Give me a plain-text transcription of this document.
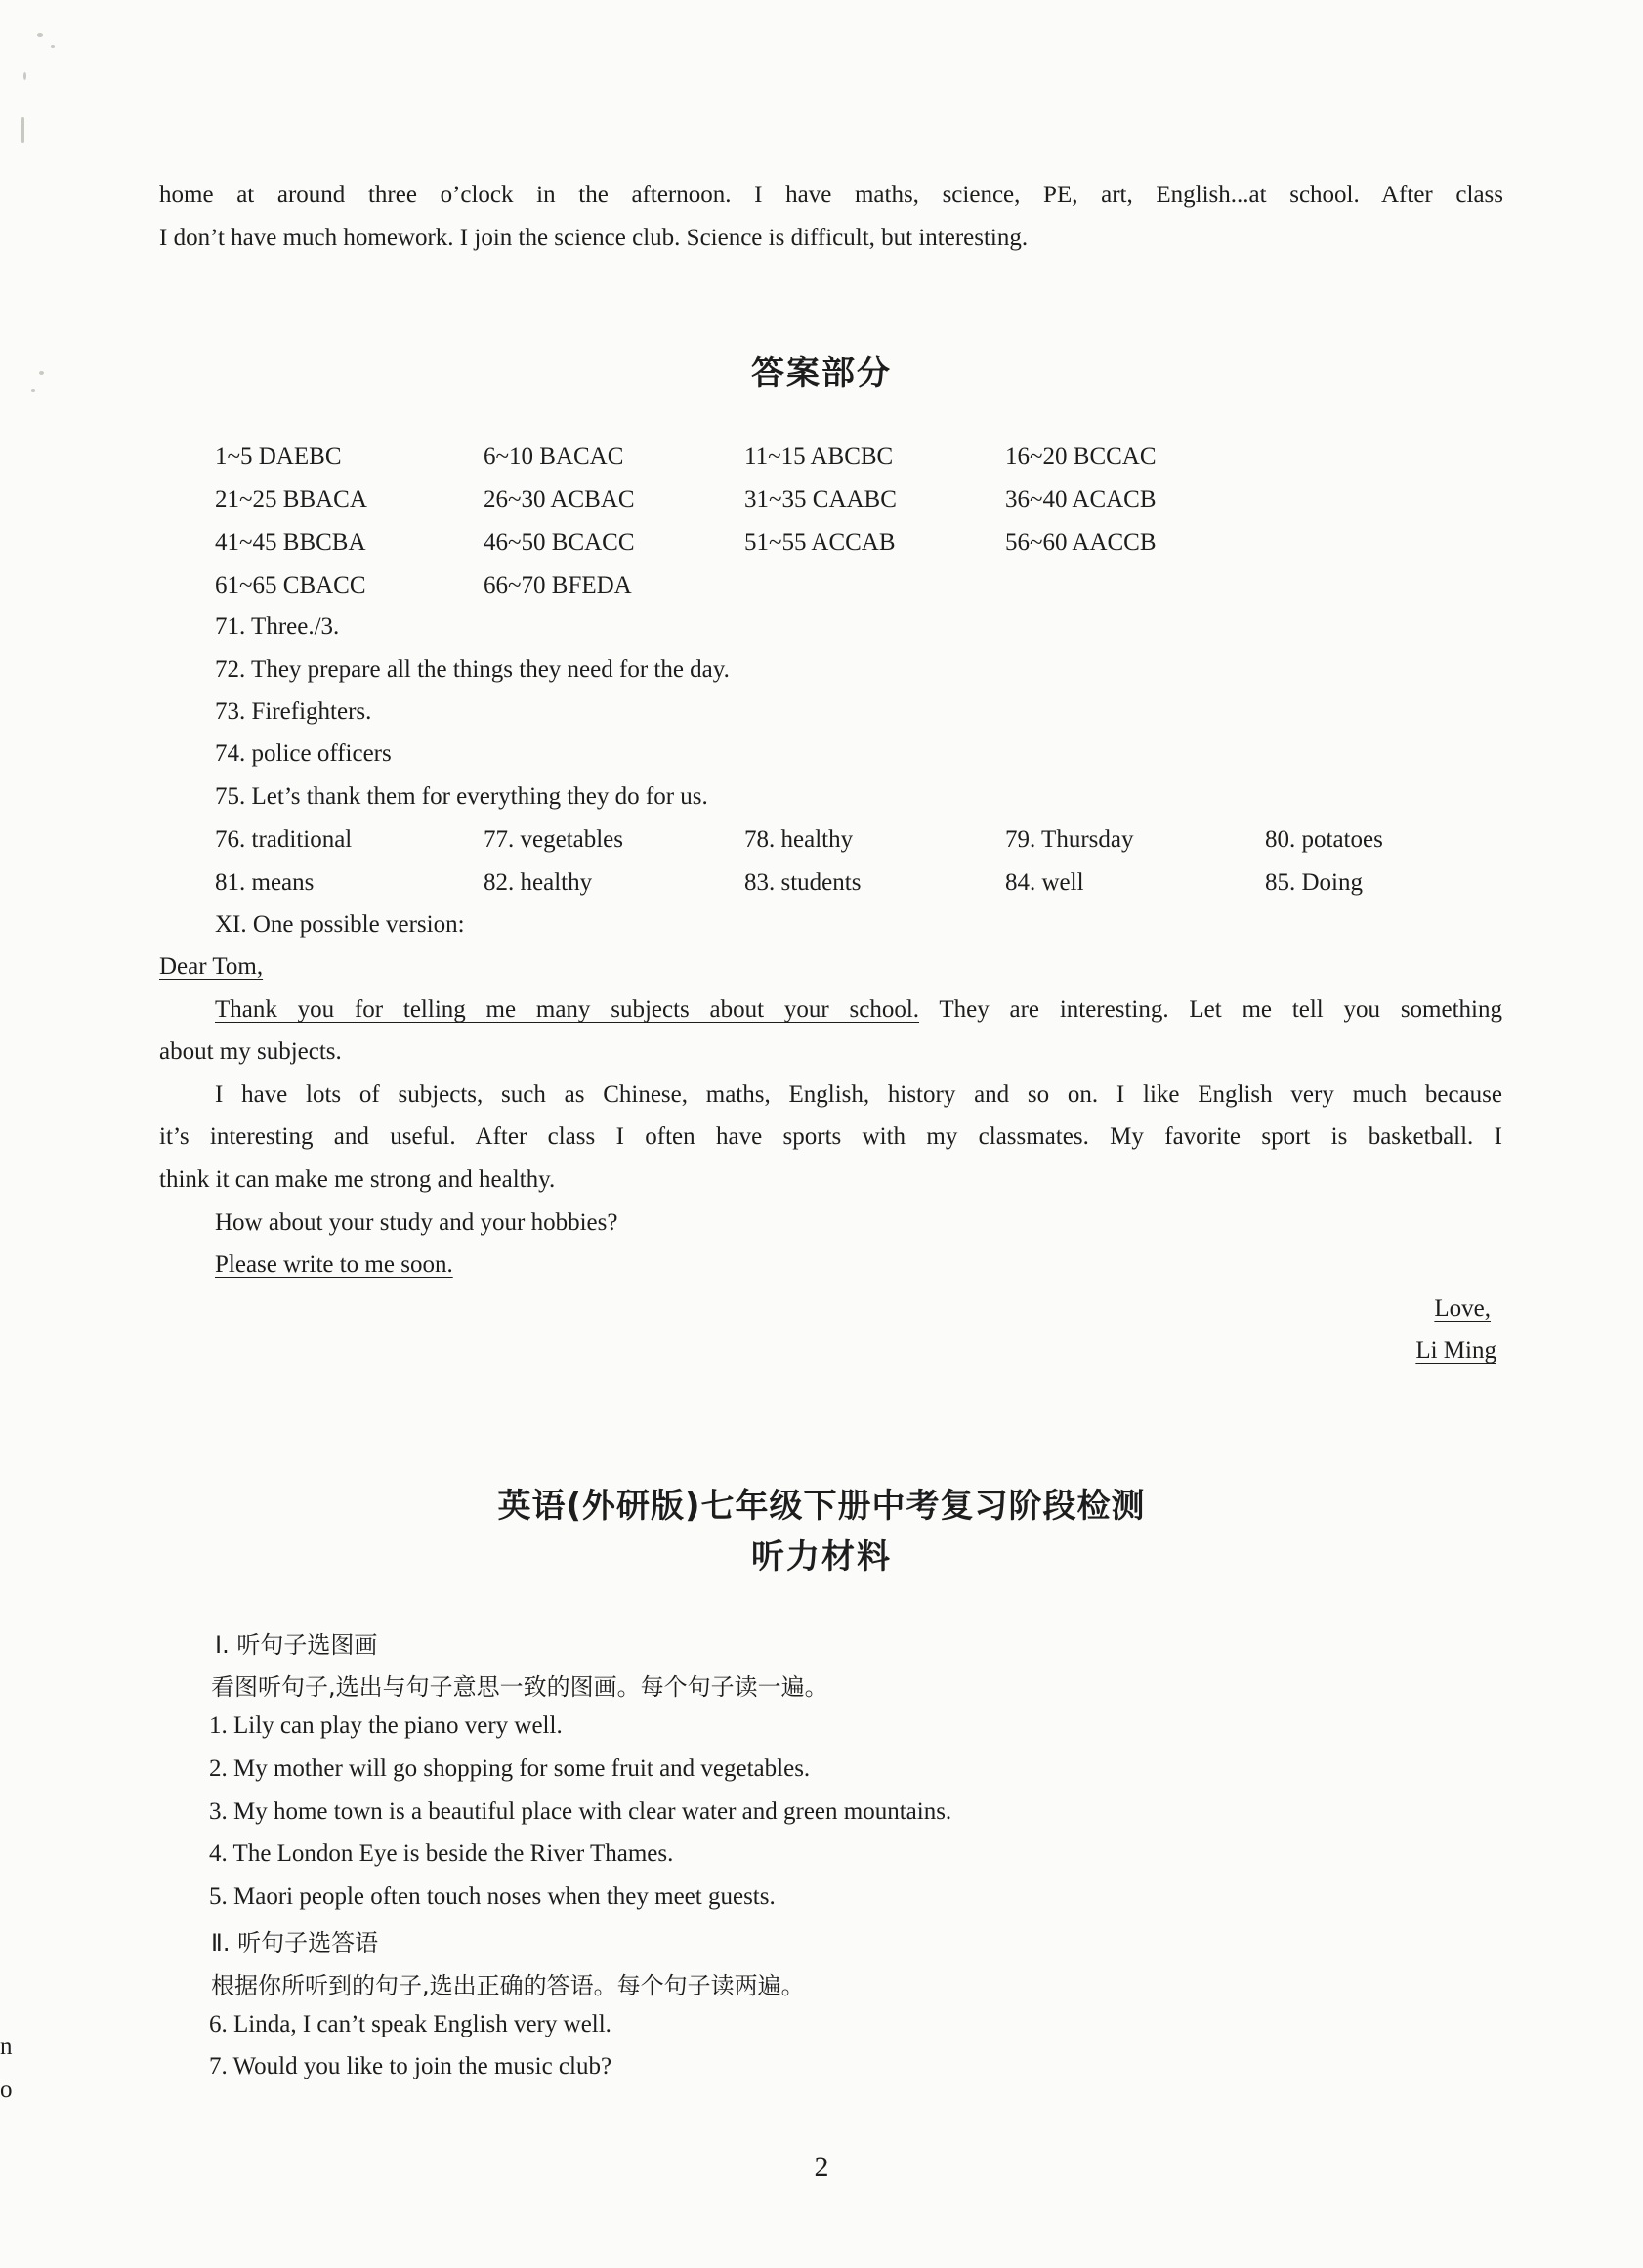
home at around three o’clock in the afternoon. I have maths, science, PE, art, English...at school. After class
I don’t have much homework. I join the science club. Science is difficult, but interesting.
答案部分
1~5 DAEBC	6~10 BACAC	11~15 ABCBC	16~20 BCCAC
21~25 BBACA	26~30 ACBAC	31~35 CAABC	36~40 ACACB
41~45 BBCBA	46~50 BCACC	51~55 ACCAB	56~60 AACCB
61~65 CBACC	66~70 BFEDA
71. Three./3.
72. They prepare all the things they need for the day.
73. Firefighters.
74. police officers
75. Let’s thank them for everything they do for us.
76. traditional	77. vegetables	78. healthy	79. Thursday	80. potatoes
81. means	82. healthy	83. students	84. well	85. Doing
XI. One possible version:
Dear Tom,
Thank you for telling me many subjects about your school. They are interesting. Let me tell you something
about my subjects.
I have lots of subjects, such as Chinese, maths, English, history and so on. I like English very much because
it’s interesting and useful. After class I often have sports with my classmates. My favorite sport is basketball. I
think it can make me strong and healthy.
How about your study and your hobbies?
Please write to me soon.
Love,
Li Ming
英语(外研版)七年级下册中考复习阶段检测
听力材料
Ⅰ. 听句子选图画
看图听句子,选出与句子意思一致的图画。每个句子读一遍。
1. Lily can play the piano very well.
2. My mother will go shopping for some fruit and vegetables.
3. My home town is a beautiful place with clear water and green mountains.
4. The London Eye is beside the River Thames.
5. Maori people often touch noses when they meet guests.
Ⅱ. 听句子选答语
根据你所听到的句子,选出正确的答语。每个句子读两遍。
6. Linda, I can’t speak English very well.
7. Would you like to join the music club?
n
o
2
